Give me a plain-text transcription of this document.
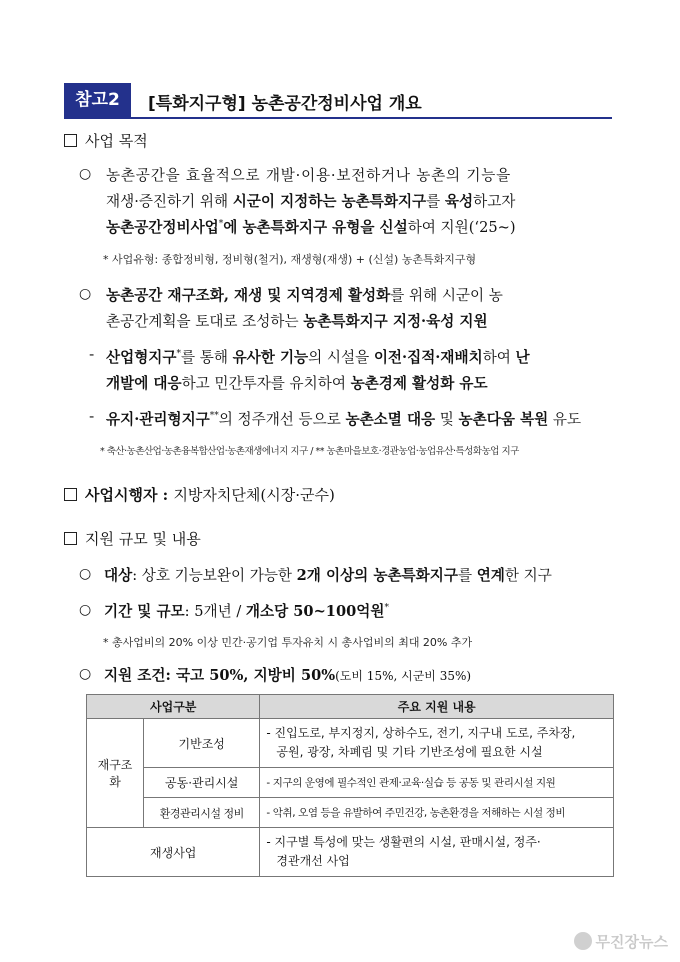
참고2	[특화지구형] 농촌공간정비사업 개요
사업 목적
○ 농촌공간을 효율적으로 개발·이용·보전하거나 농촌의 기능을
재생·증진하기 위해 시군이 지정하는 농촌특화지구를 육성하고자
농촌공간정비사업*에 농촌특화지구 유형을 신설하여 지원(‘25~)
* 사업유형: 종합정비형, 정비형(철거), 재생형(재생) + (신설) 농촌특화지구형
○ 농촌공간 재구조화, 재생 및 지역경제 활성화를 위해 시군이 농
촌공간계획을 토대로 조성하는 농촌특화지구 지정·육성 지원
- 산업형지구*를 통해 유사한 기능의 시설을 이전·집적·재배치하여 난
개발에 대응하고 민간투자를 유치하여 농촌경제 활성화 유도
- 유지·관리형지구**의 정주개선 등으로 농촌소멸 대응 및 농촌다움 복원 유도
* 축산·농촌산업·농촌융복합산업·농촌재생에너지 지구 / ** 농촌마을보호·경관농업·농업유산·특성화농업 지구
사업시행자 : 지방자치단체(시장·군수)
지원 규모 및 내용
○ 대상: 상호 기능보완이 가능한 2개 이상의 농촌특화지구를 연계한 지구
○ 기간 및 규모: 5개년 / 개소당 50~100억원*
* 총사업비의 20% 이상 민간·공기업 투자유치 시 총사업비의 최대 20% 추가
○ 지원 조건: 국고 50%, 지방비 50%(도비 15%, 시군비 35%)
사업구분		주요 지원 내용
재구조화	기반조성	- 진입도로, 부지정지, 상하수도, 전기, 지구내 도로, 주차장,
공원, 광장, 차폐림 및 기타 기반조성에 필요한 시설

	공동·관리시설	- 지구의 운영에 필수적인 관제·교육·실습 등 공동 및 관리시설 지원
	환경관리시설 정비	- 악취, 오염 등을 유발하여 주민건강, 농촌환경을 저해하는 시설 정비
재생사업		- 지구별 특성에 맞는 생활편의 시설, 판매시설, 정주·
경관개선 사업
무진장뉴스
